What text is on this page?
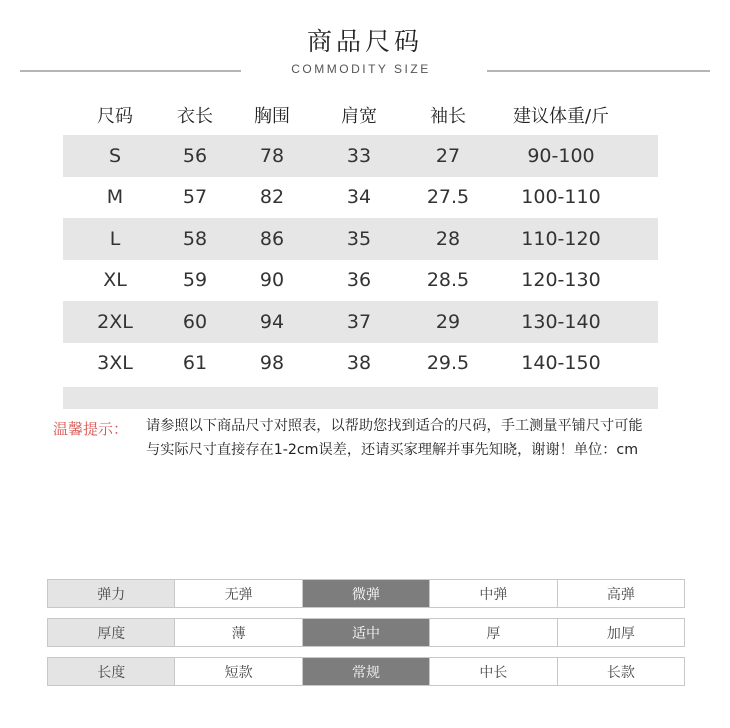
商品尺码
COMMODITY SIZE
尺码	衣长	胸围	肩宽	袖长	建议体重/斤
S	56	78	33	27	90-100
M	57	82	34	27.5	100-110
L	58	86	35	28	110-120
XL	59	90	36	28.5	120-130
2XL	60	94	37	29	130-140
3XL	61	98	38	29.5	140-150
温馨提示： 请参照以下商品尺寸对照表，以帮助您找到适合的尺码，手工测量平铺尺寸可能与实际尺寸直接存在1-2cm误差，还请买家理解并事先知晓，谢谢！单位：cm
弹力	无弹	微弹	中弹	高弹
厚度	薄	适中	厚	加厚
长度	短款	常规	中长	长款
